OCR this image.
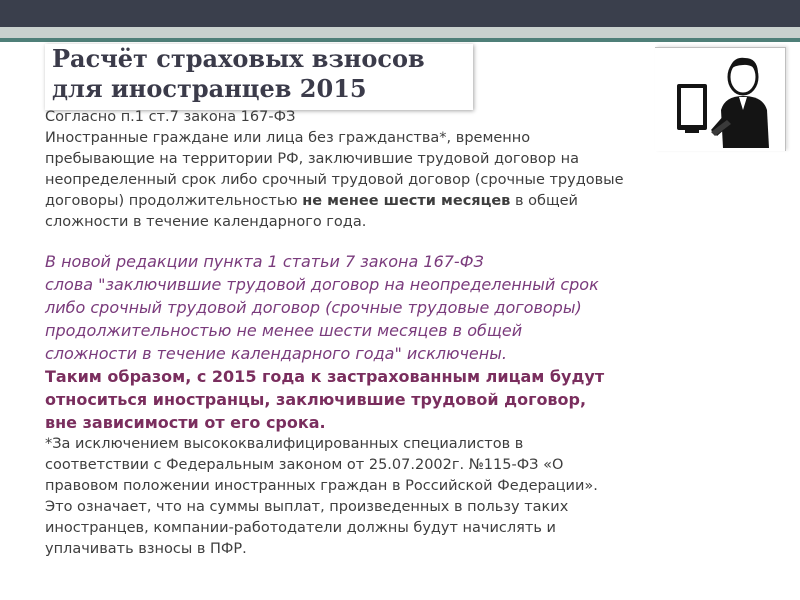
Расчёт страховых взносов
для иностранцев 2015
Согласно п.1 ст.7 закона 167-ФЗ
Иностранные граждане или лица без гражданства*, временно
пребывающие на территории РФ, заключившие трудовой договор на
неопределенный срок либо срочный трудовой договор (срочные трудовые
договоры) продолжительностью не менее шести месяцев в общей
сложности в течение календарного года.
В новой редакции пункта 1 статьи 7 закона 167-ФЗ
слова "заключившие трудовой договор на неопределенный срок
либо срочный трудовой договор (срочные трудовые договоры)
продолжительностью не менее шести месяцев в общей
сложности в течение календарного года" исключены.
Таким образом, с 2015 года к застрахованным лицам будут
относиться иностранцы, заключившие трудовой договор,
вне зависимости от его срока.
*За исключением высококвалифицированных специалистов в
соответствии с Федеральным законом от 25.07.2002г. №115-ФЗ «О
правовом положении иностранных граждан в Российской Федерации».
Это означает, что на суммы выплат, произведенных в пользу таких
иностранцев, компании-работодатели должны будут начислять и
уплачивать взносы в ПФР.
